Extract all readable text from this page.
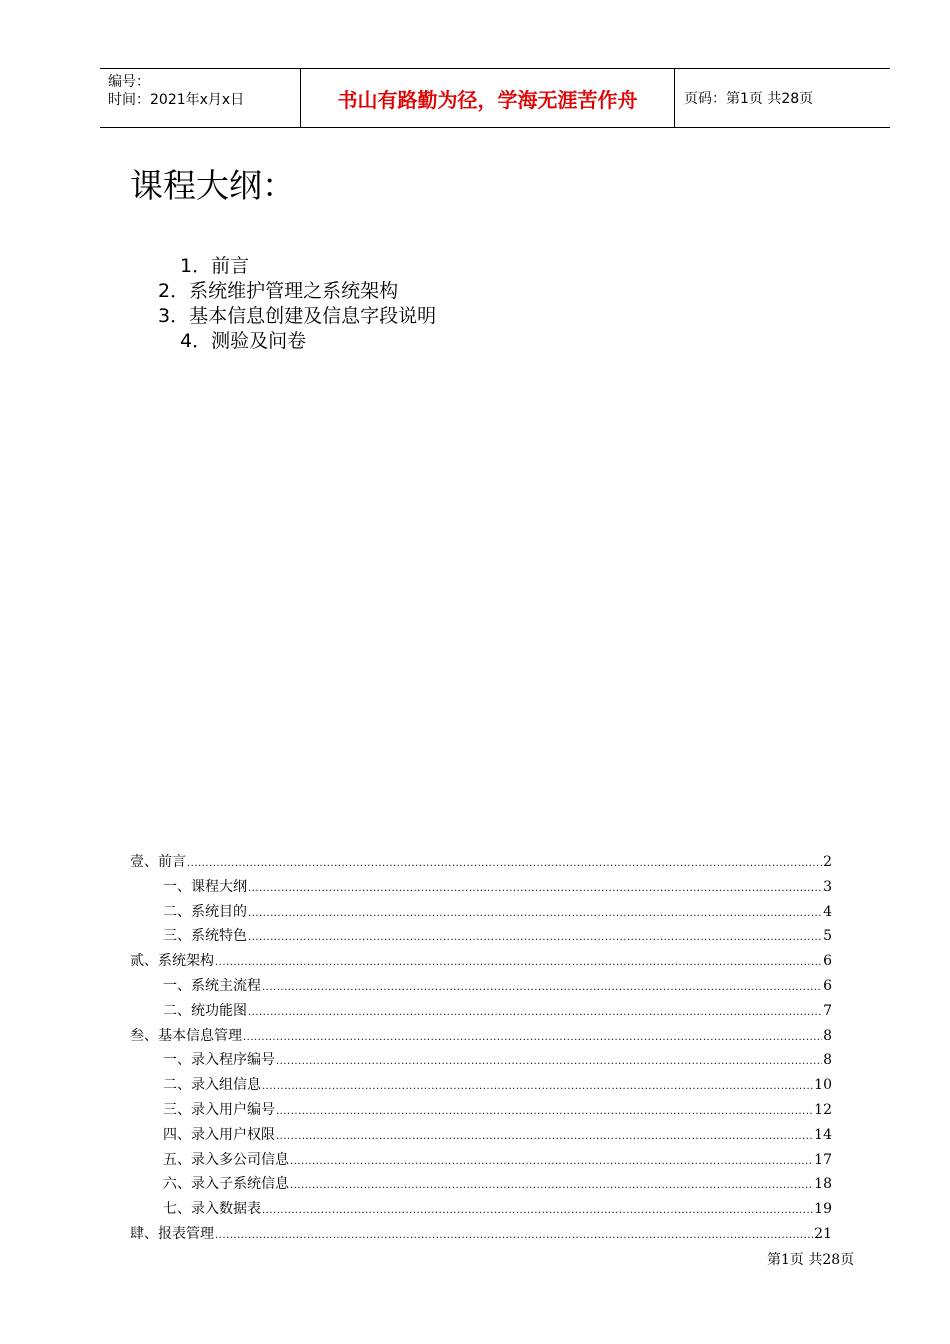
编号：
时间：2021年x月x日	书山有路勤为径，学海无涯苦作舟	页码：第1页 共28页
课程大纲：
1．前言
2．系统维护管理之系统架构
3．基本信息创建及信息字段说明
4．测验及问卷
壹、前言 .....	2
一、课程大纲 .....	3
二、系统目的 .....	4
三、系统特色 .....	5
贰、系统架构 .....	6
一、系统主流程 .....	6
二、统功能图 .....	7
叁、基本信息管理 .....	8
一、录入程序编号 .....	8
二、录入组信息 .....	10
三、录入用户编号 .....	12
四、录入用户权限 .....	14
五、录入多公司信息 .....	17
六、录入子系统信息 .....	18
七、录入数据表 .....	19
肆、报表管理 .....	21
第1页 共28页
